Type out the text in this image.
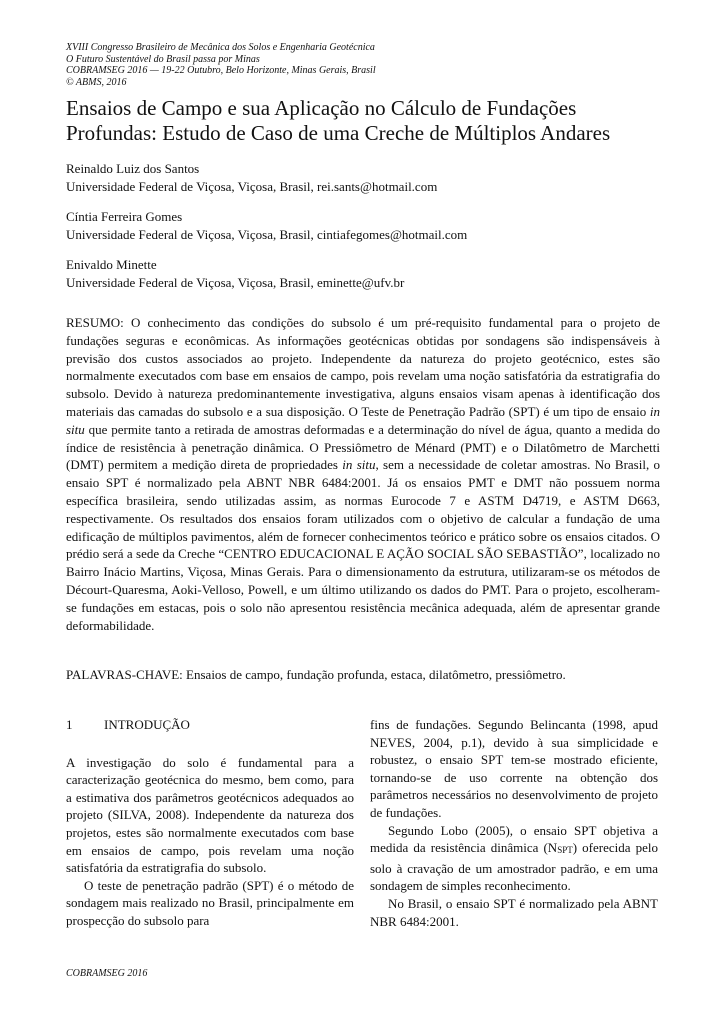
XVIII Congresso Brasileiro de Mecânica dos Solos e Engenharia Geotécnica
O Futuro Sustentável do Brasil passa por Minas
COBRAMSEG 2016 — 19-22 Outubro, Belo Horizonte, Minas Gerais, Brasil
© ABMS, 2016
Ensaios de Campo e sua Aplicação no Cálculo de Fundações Profundas: Estudo de Caso de uma Creche de Múltiplos Andares
Reinaldo Luiz dos Santos
Universidade Federal de Viçosa, Viçosa, Brasil, rei.sants@hotmail.com
Cíntia Ferreira Gomes
Universidade Federal de Viçosa, Viçosa, Brasil, cintiafegomes@hotmail.com
Enivaldo Minette
Universidade Federal de Viçosa, Viçosa, Brasil, eminette@ufv.br

RESUMO: O conhecimento das condições do subsolo é um pré-requisito fundamental para o projeto de fundações seguras e econômicas. As informações geotécnicas obtidas por sondagens são indispensáveis à previsão dos custos associados ao projeto. Independente da natureza do projeto geotécnico, estes são normalmente executados com base em ensaios de campo, pois revelam uma noção satisfatória da estratigrafia do subsolo. Devido à natureza predominantemente investigativa, alguns ensaios visam apenas à identificação dos materiais das camadas do subsolo e a sua disposição. O Teste de Penetração Padrão (SPT) é um tipo de ensaio in situ que permite tanto a retirada de amostras deformadas e a determinação do nível de água, quanto a medida do índice de resistência à penetração dinâmica. O Pressiômetro de Ménard (PMT) e o Dilatômetro de Marchetti (DMT) permitem a medição direta de propriedades in situ, sem a necessidade de coletar amostras. No Brasil, o ensaio SPT é normalizado pela ABNT NBR 6484:2001. Já os ensaios PMT e DMT não possuem norma específica brasileira, sendo utilizadas assim, as normas Eurocode 7 e ASTM D4719, e ASTM D663, respectivamente. Os resultados dos ensaios foram utilizados com o objetivo de calcular a fundação de uma edificação de múltiplos pavimentos, além de fornecer conhecimentos teórico e prático sobre os ensaios citados. O prédio será a sede da Creche “CENTRO EDUCACIONAL E AÇÃO SOCIAL SÃO SEBASTIÃO”, localizado no Bairro Inácio Martins, Viçosa, Minas Gerais. Para o dimensionamento da estrutura, utilizaram-se os métodos de Décourt-Quaresma, Aoki-Velloso, Powell, e um último utilizando os dados do PMT. Para o projeto, escolheram-se fundações em estacas, pois o solo não apresentou resistência mecânica adequada, além de apresentar grande deformabilidade.

PALAVRAS-CHAVE: Ensaios de campo, fundação profunda, estaca, dilatômetro, pressiômetro.

1	INTRODUÇÃO

A investigação do solo é fundamental para a caracterização geotécnica do mesmo, bem como, para a estimativa dos parâmetros geotécnicos adequados ao projeto (SILVA, 2008). Independente da natureza dos projetos, estes são normalmente executados com base em ensaios de campo, pois revelam uma noção satisfatória da estratigrafia do subsolo.

O teste de penetração padrão (SPT) é o método de sondagem mais realizado no Brasil, principalmente em prospecção do subsolo para

fins de fundações. Segundo Belincanta (1998, apud NEVES, 2004, p.1), devido à sua simplicidade e robustez, o ensaio SPT tem-se mostrado eficiente, tornando-se de uso corrente na obtenção dos parâmetros necessários no desenvolvimento de projeto de fundações.

Segundo Lobo (2005), o ensaio SPT objetiva a medida da resistência dinâmica (NSPT) oferecida pelo solo à cravação de um amostrador padrão, e em uma sondagem de simples reconhecimento.

No Brasil, o ensaio SPT é normalizado pela ABNT NBR 6484:2001.

COBRAMSEG 2016
